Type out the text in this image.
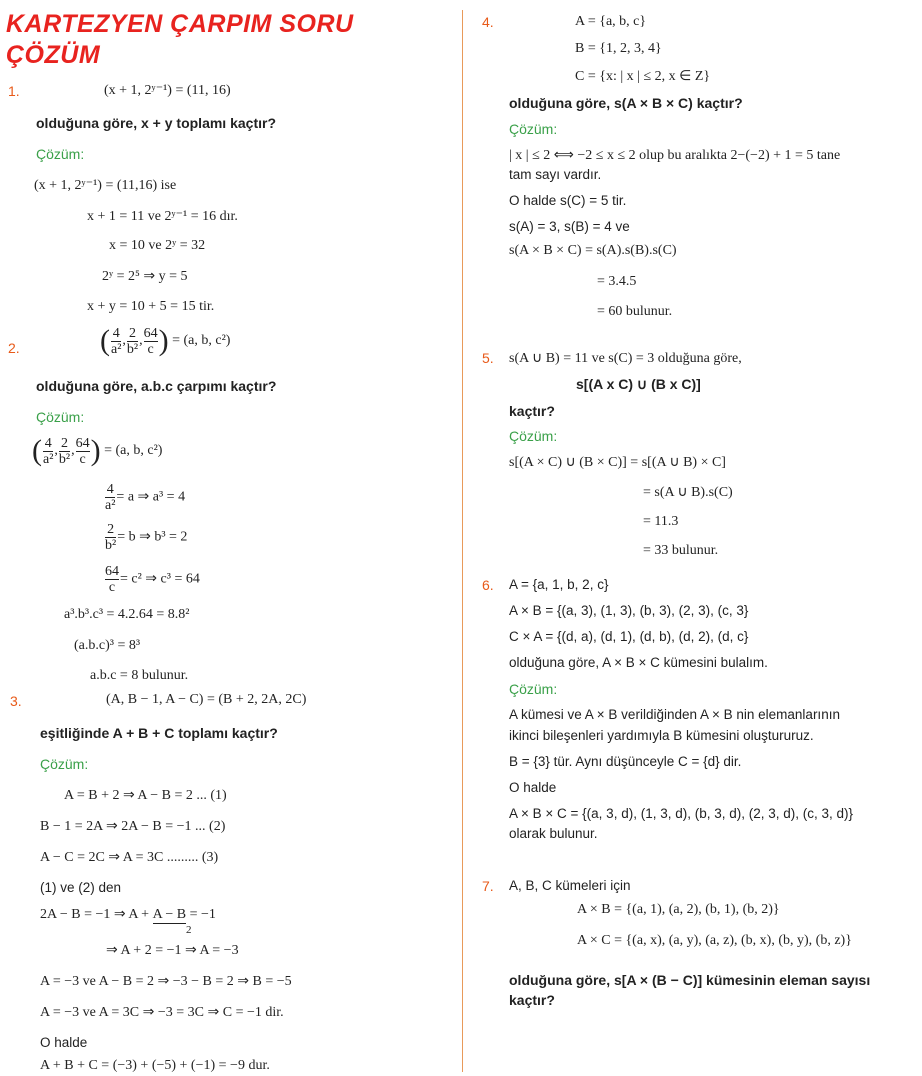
KARTEZYEN ÇARPIM SORU
ÇÖZÜM
1.	(x + 1, 2ʸ⁻¹) = (11, 16)
olduğuna göre, x + y toplamı kaçtır?
Çözüm:
(x + 1, 2ʸ⁻¹) = (11,16) ise
x + 1 = 11 ve 2ʸ⁻¹ = 16 dır.
x = 10 ve 2ʸ = 32
2ʸ = 2⁵ ⇒ y = 5
x + y = 10 + 5 = 15 tir.
2.	( $\frac{4}{\text{a²}}$ , $\frac{2}{\text{b²}}$ , $\frac{64}{c}$ ) = (a, b, c²)
olduğuna göre, a.b.c çarpımı kaçtır?
Çözüm:
( $\frac{4}{\text{a²}}$ , $\frac{2}{\text{b²}}$ , $\frac{64}{c}$ ) = (a, b, c²)
$\frac{4}{\text{a²}} = a$ ⇒ a³ = 4
$\frac{2}{\text{b²}} = b$ ⇒ b³ = 2
$\frac{64}{c} = c^2$ ⇒ c³ = 64
a³.b³.c³ = 4.2.64 = 8.8²
(a.b.c)³ = 8³
a.b.c = 8 bulunur.
3.	(A, B − 1, A − C) = (B + 2, 2A, 2C)
eşitliğinde A + B + C toplamı kaçtır?
Çözüm:
A = B + 2 ⇒ A − B = 2 ... (1)
B − 1 = 2A ⇒ 2A − B = −1 ... (2)
A − C = 2C ⇒ A = 3C ......... (3)
(1) ve (2) den
2A − B = −1 ⇒ A + A − B = −1
2
⇒ A + 2 = −1 ⇒ A = −3
A = −3 ve A − B = 2 ⇒ −3 − B = 2 ⇒ B = −5
A = −3 ve A = 3C ⇒ −3 = 3C ⇒ C = −1 dir.
O halde
A + B + C = (−3) + (−5) + (−1) = −9 dur.
4.	A = {a, b, c}
B = {1, 2, 3, 4}
C = {x: | x | ≤ 2, x ∈ Z}
olduğuna göre, s(A × B × C) kaçtır?
Çözüm:
| x | ≤ 2 ⟺ −2 ≤ x ≤ 2 olup bu aralıkta 2−(−2) + 1 = 5 tane
tam sayı vardır.
O halde s(C) = 5 tir.
s(A) = 3, s(B) = 4 ve
s(A × B × C) = s(A).s(B).s(C)
= 3.4.5
= 60 bulunur.
5. s(A ∪ B) = 11 ve s(C) = 3 olduğuna göre,
s[(A x C) ∪ (B x C)]
kaçtır?
Çözüm:
s[(A × C) ∪ (B × C)] = s[(A ∪ B) × C]
= s(A ∪ B).s(C)
= 11.3
= 33 bulunur.
6. A = {a, 1, b, 2, c}
A × B = {(a, 3), (1, 3), (b, 3), (2, 3), (c, 3}
C × A = {(d, a), (d, 1), (d, b), (d, 2), (d, c}
olduğuna göre, A × B × C kümesini bulalım.
Çözüm:
A kümesi ve A × B verildiğinden A × B nin elemanlarının
ikinci bileşenleri yardımıyla B kümesini oluştururuz.
B = {3} tür. Aynı düşünceyle C = {d} dir.
O halde
A × B × C = {(a, 3, d), (1, 3, d), (b, 3, d), (2, 3, d), (c, 3, d)}
olarak bulunur.
7. A, B, C kümeleri için
A × B = {(a, 1), (a, 2), (b, 1), (b, 2)}
A × C = {(a, x), (a, y), (a, z), (b, x), (b, y), (b, z)}
olduğuna göre, s[A × (B − C)] kümesinin eleman sayısı
kaçtır?
